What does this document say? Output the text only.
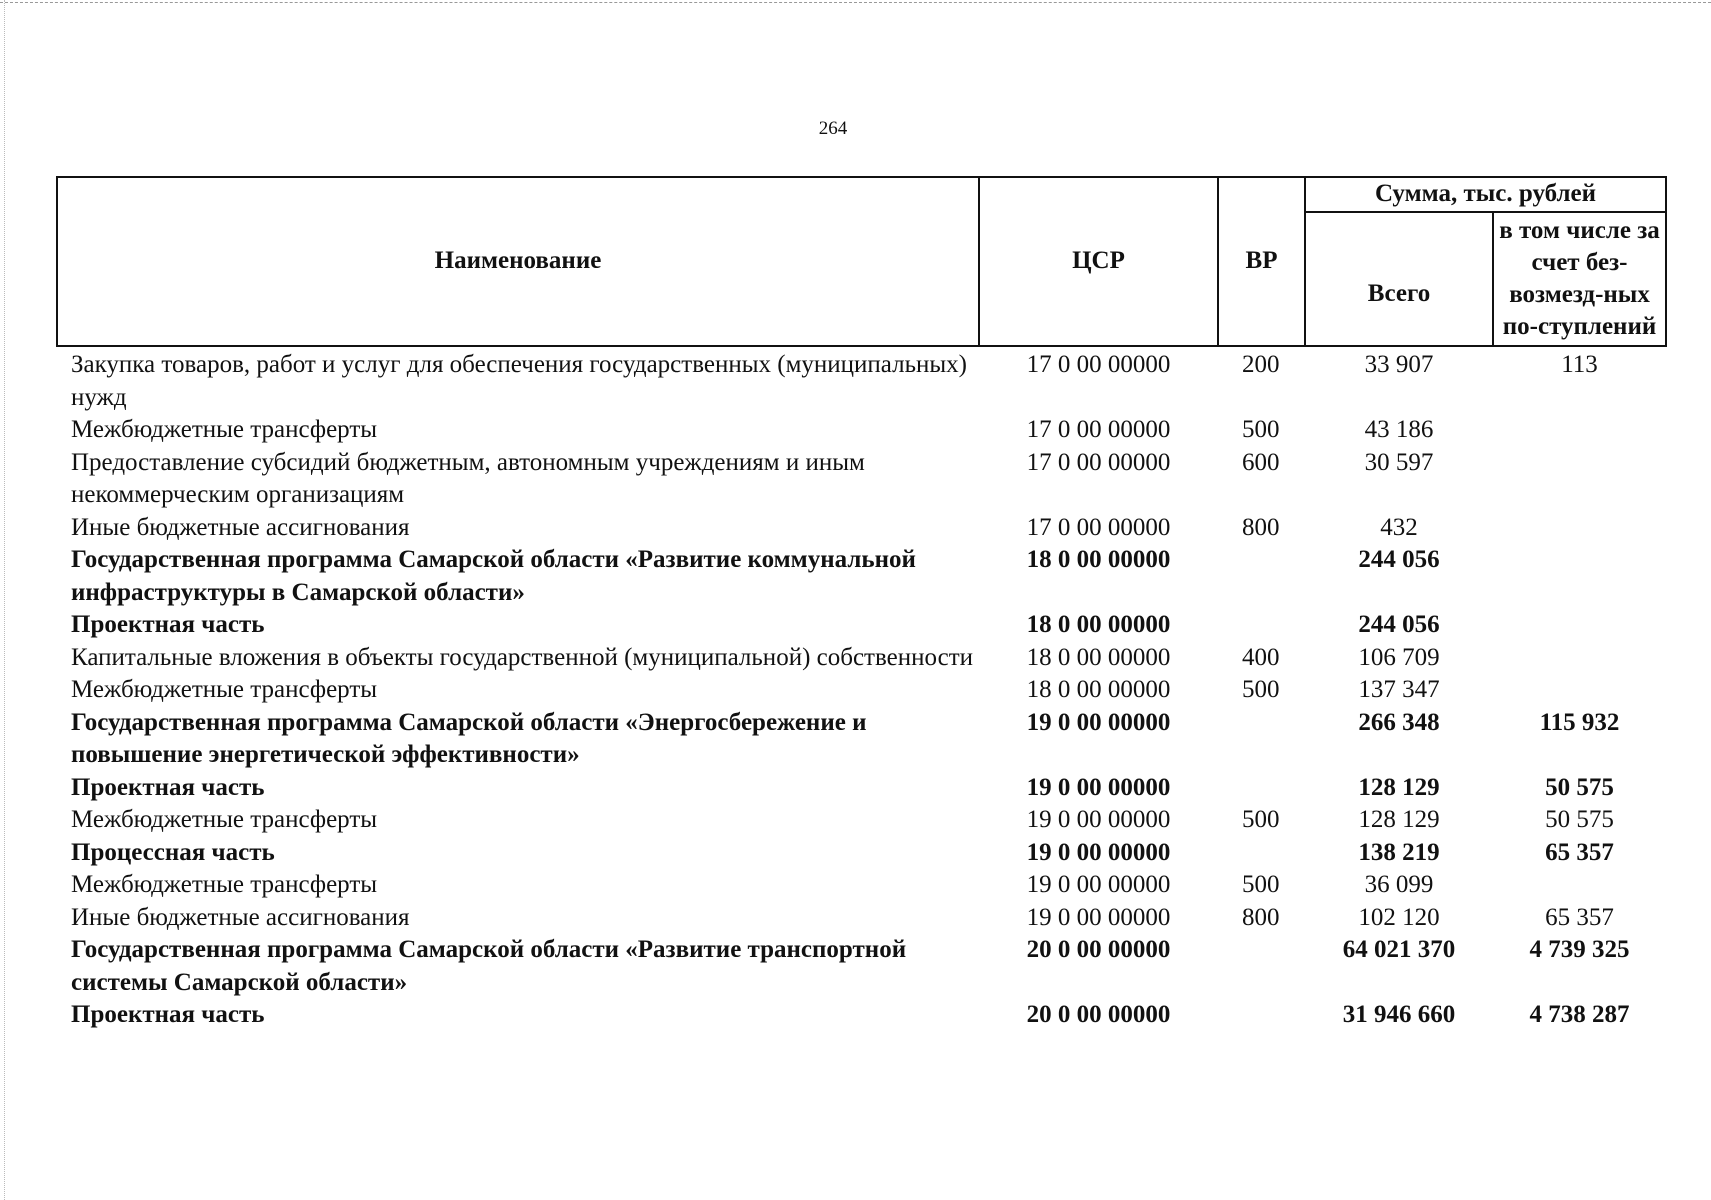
264
Наименование	ЦСР	ВР	Сумма, тыс. рублей	
			Всего	в том числе за счет без-возмезд-ных по-ступлений
Закупка товаров, работ и услуг для обеспечения государственных (муниципальных) нужд	17 0 00 00000	200	33 907	113
Межбюджетные трансферты	17 0 00 00000	500	43 186	
Предоставление субсидий бюджетным, автономным учреждениям и иным некоммерческим организациям	17 0 00 00000	600	30 597	
Иные бюджетные ассигнования	17 0 00 00000	800	432	
Государственная программа Самарской области «Развитие коммунальной инфраструктуры в Самарской области»	18 0 00 00000		244 056	
Проектная часть	18 0 00 00000		244 056	
Капитальные вложения в объекты государственной (муниципальной) собственности	18 0 00 00000	400	106 709	
Межбюджетные трансферты	18 0 00 00000	500	137 347	
Государственная программа Самарской области «Энергосбережение и повышение энергетической эффективности»	19 0 00 00000		266 348	115 932
Проектная часть	19 0 00 00000		128 129	50 575
Межбюджетные трансферты	19 0 00 00000	500	128 129	50 575
Процессная часть	19 0 00 00000		138 219	65 357
Межбюджетные трансферты	19 0 00 00000	500	36 099	
Иные бюджетные ассигнования	19 0 00 00000	800	102 120	65 357
Государственная программа Самарской области «Развитие транспортной системы Самарской области»	20 0 00 00000		64 021 370	4 739 325
Проектная часть	20 0 00 00000		31 946 660	4 738 287
